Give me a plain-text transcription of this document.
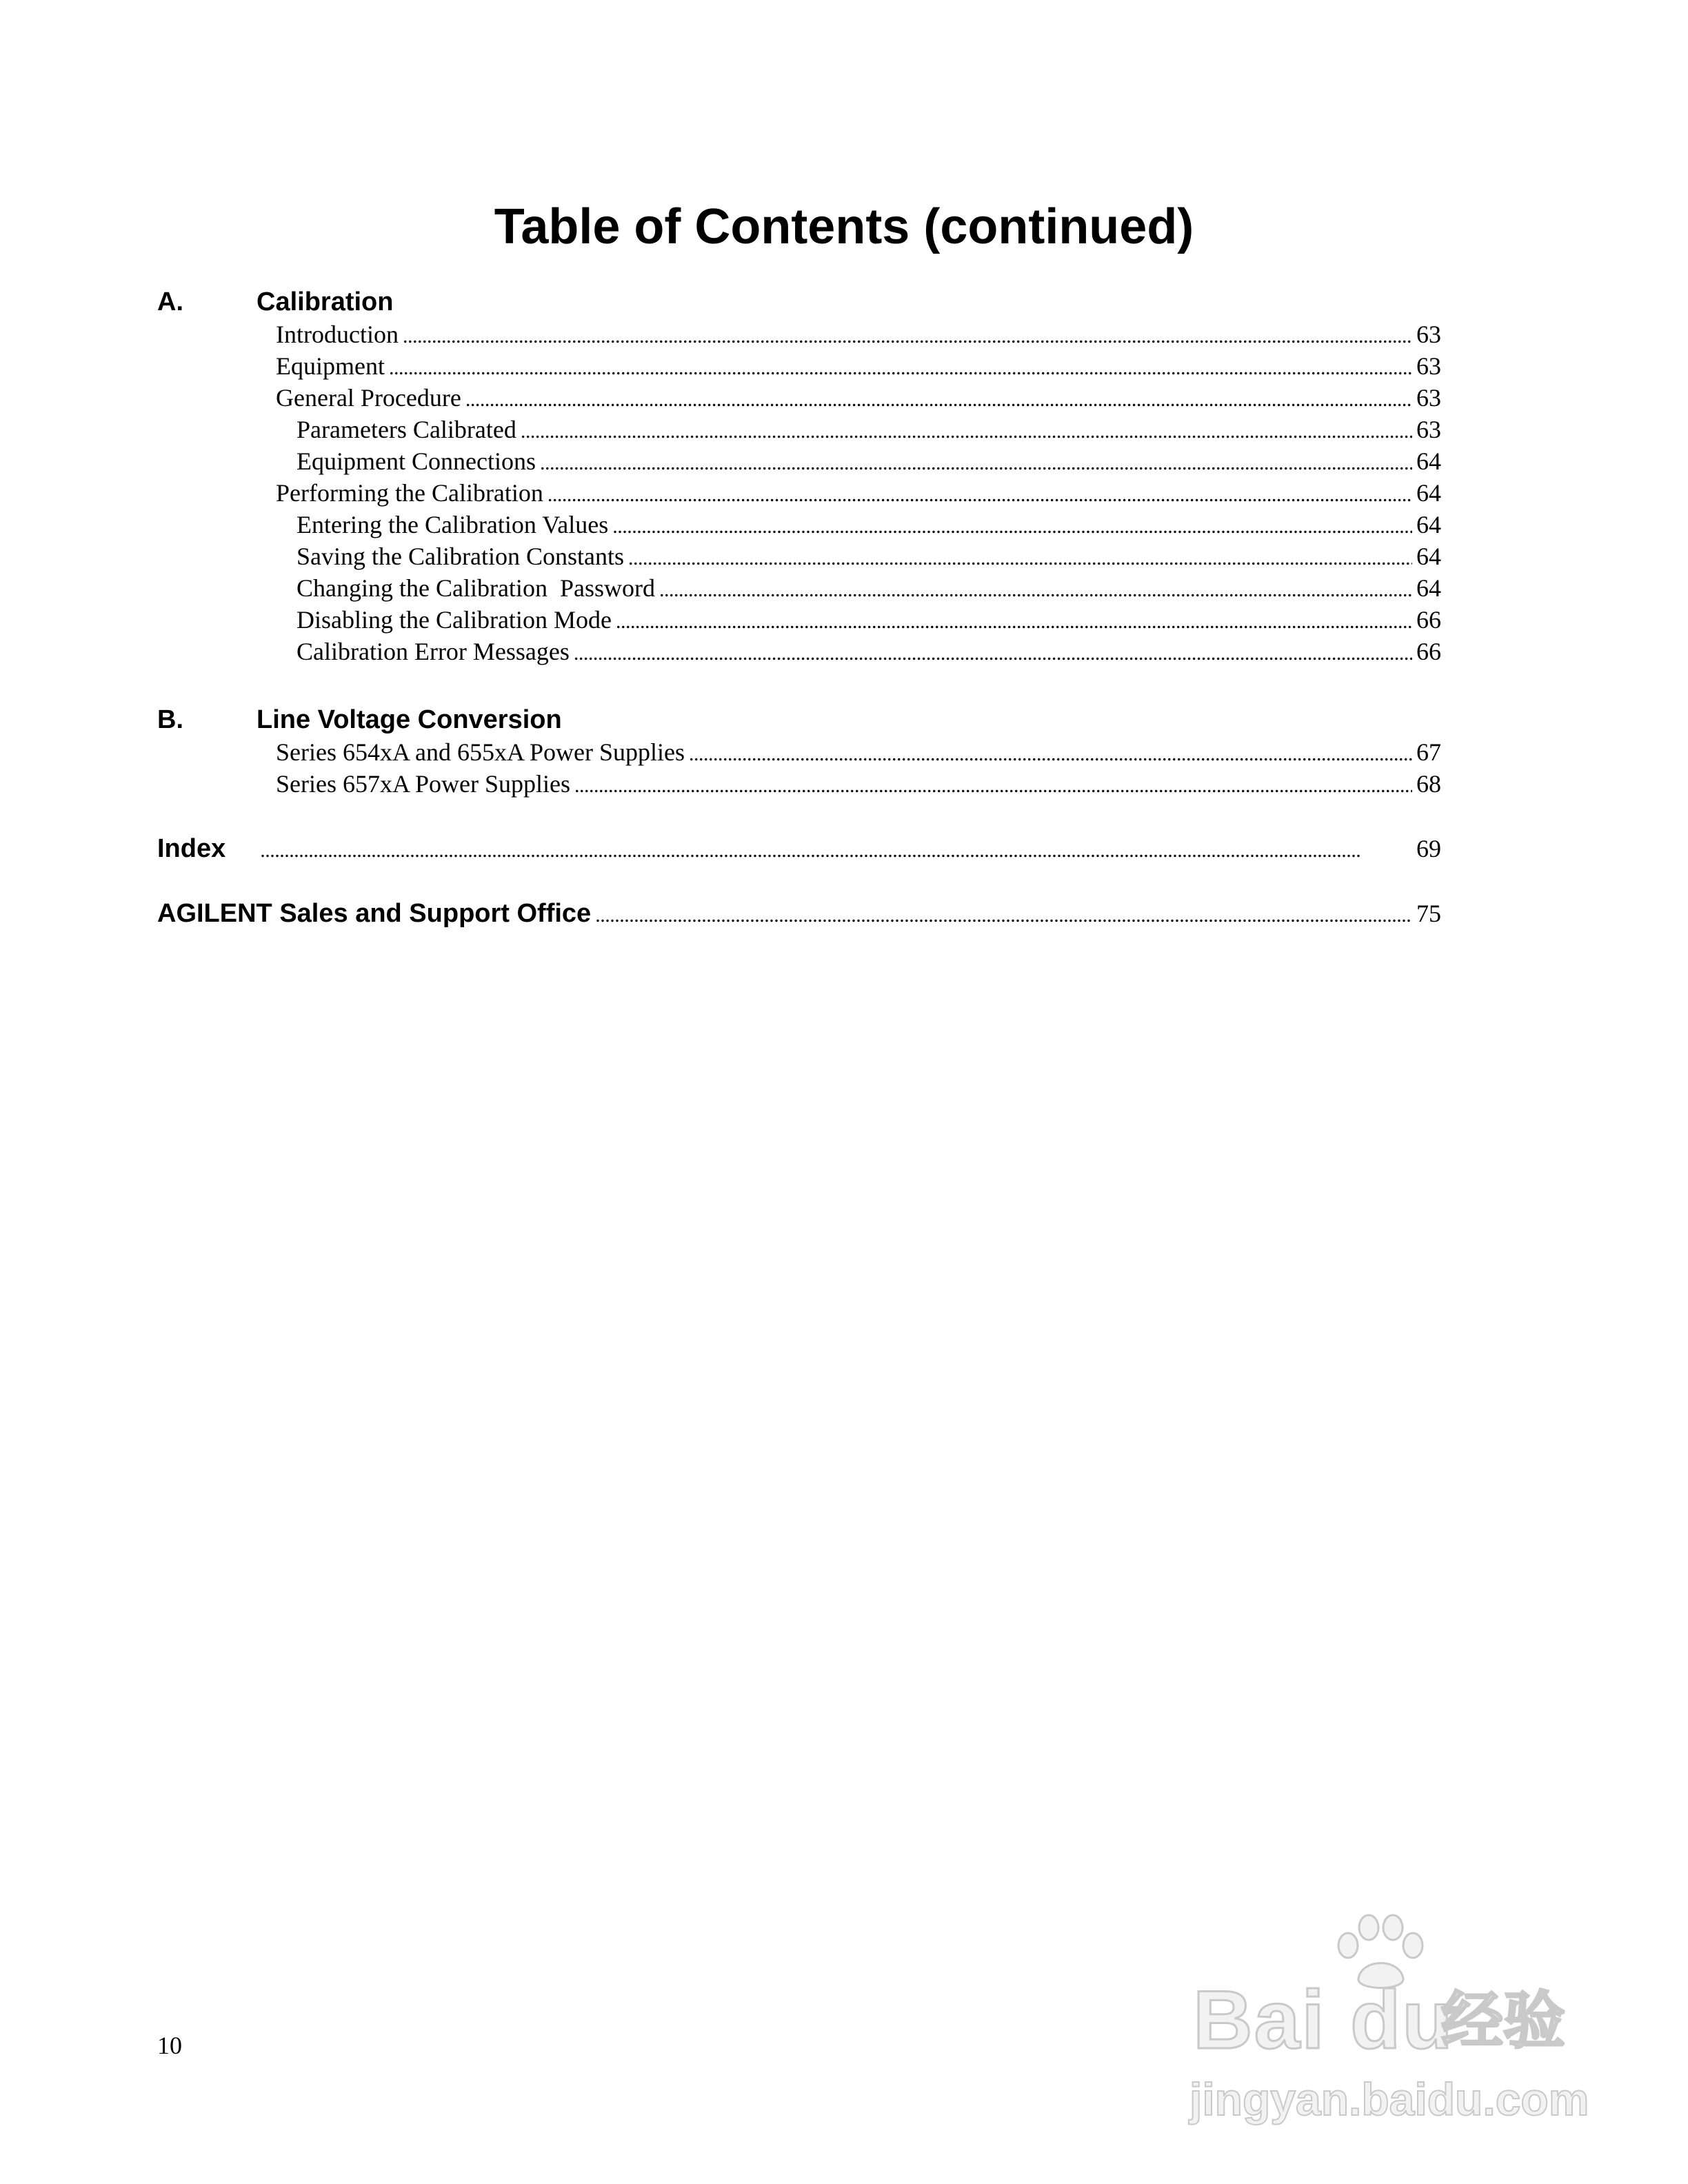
Table of Contents (continued)
A.	Calibration
Introduction . . .	63
Equipment . . .	63
General Procedure . . .	63
Parameters Calibrated . . .	63
Equipment Connections . . .	64
Performing the Calibration . . .	64
Entering the Calibration Values . . .	64
Saving the Calibration Constants . . .	64
Changing the Calibration  Password . . .	64
Disabling the Calibration Mode . . .	66
Calibration Error Messages . . .	66
B.	Line Voltage Conversion
Series 654xA and 655xA Power Supplies . . .	67
Series 657xA Power Supplies . . .	68
Index . . .	69
AGILENT Sales and Support Office . . .	75
10	Bai du
经验
jingyan.baidu.com
